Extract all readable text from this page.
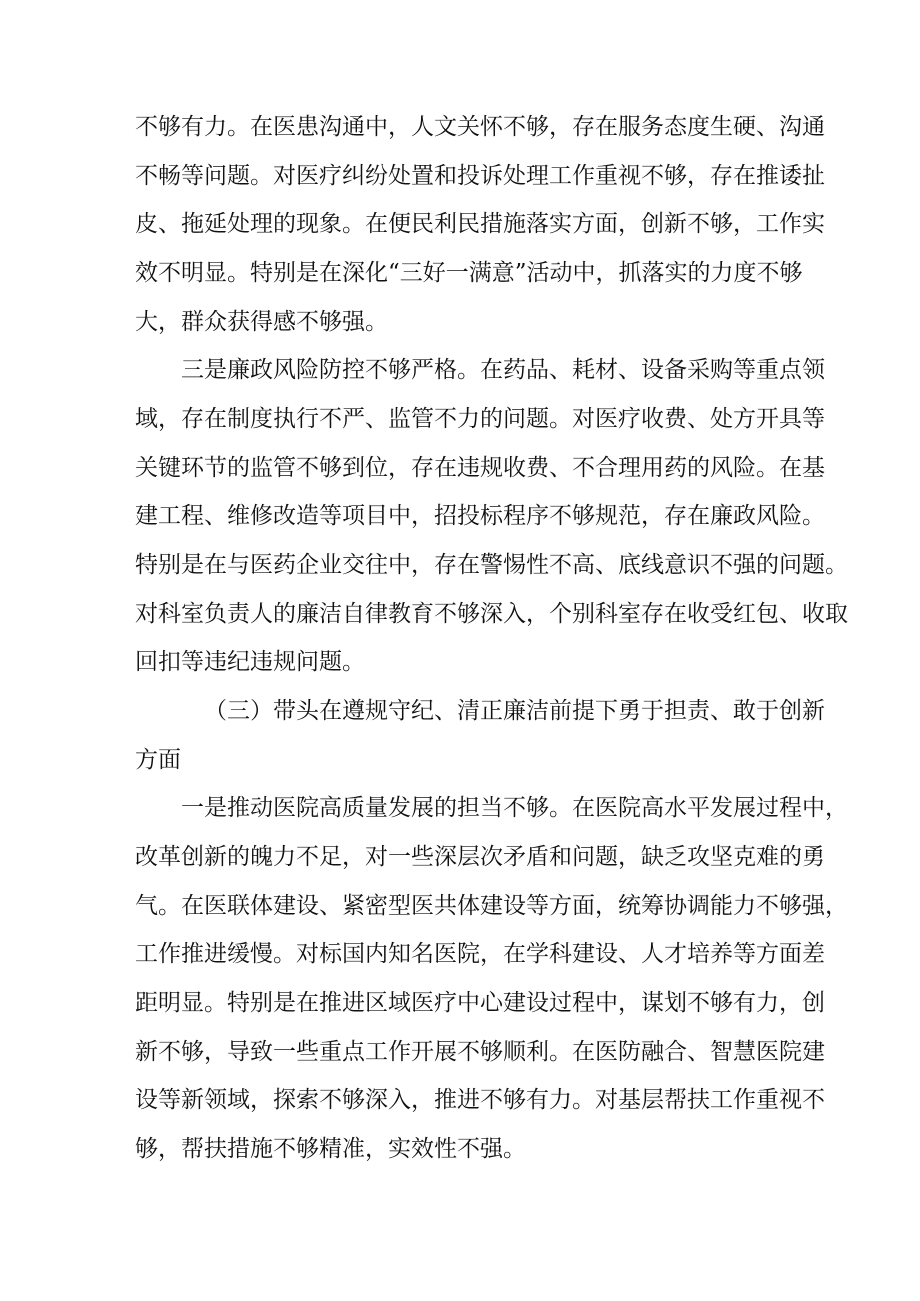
不够有力。在医患沟通中，人文关怀不够，存在服务态度生硬、沟通

不畅等问题。对医疗纠纷处置和投诉处理工作重视不够，存在推诿扯

皮、拖延处理的现象。在便民利民措施落实方面，创新不够，工作实

效不明显。特别是在深化“三好一满意”活动中，抓落实的力度不够

大，群众获得感不够强。

三是廉政风险防控不够严格。在药品、耗材、设备采购等重点领

域，存在制度执行不严、监管不力的问题。对医疗收费、处方开具等

关键环节的监管不够到位，存在违规收费、不合理用药的风险。在基

建工程、维修改造等项目中，招投标程序不够规范，存在廉政风险。

特别是在与医药企业交往中，存在警惕性不高、底线意识不强的问题。

对科室负责人的廉洁自律教育不够深入，个别科室存在收受红包、收取

回扣等违纪违规问题。

（三）带头在遵规守纪、清正廉洁前提下勇于担责、敢于创新

方面

一是推动医院高质量发展的担当不够。在医院高水平发展过程中，

改革创新的魄力不足，对一些深层次矛盾和问题，缺乏攻坚克难的勇

气。在医联体建设、紧密型医共体建设等方面，统筹协调能力不够强，

工作推进缓慢。对标国内知名医院，在学科建设、人才培养等方面差

距明显。特别是在推进区域医疗中心建设过程中，谋划不够有力，创

新不够，导致一些重点工作开展不够顺利。在医防融合、智慧医院建

设等新领域，探索不够深入，推进不够有力。对基层帮扶工作重视不

够，帮扶措施不够精准，实效性不强。
